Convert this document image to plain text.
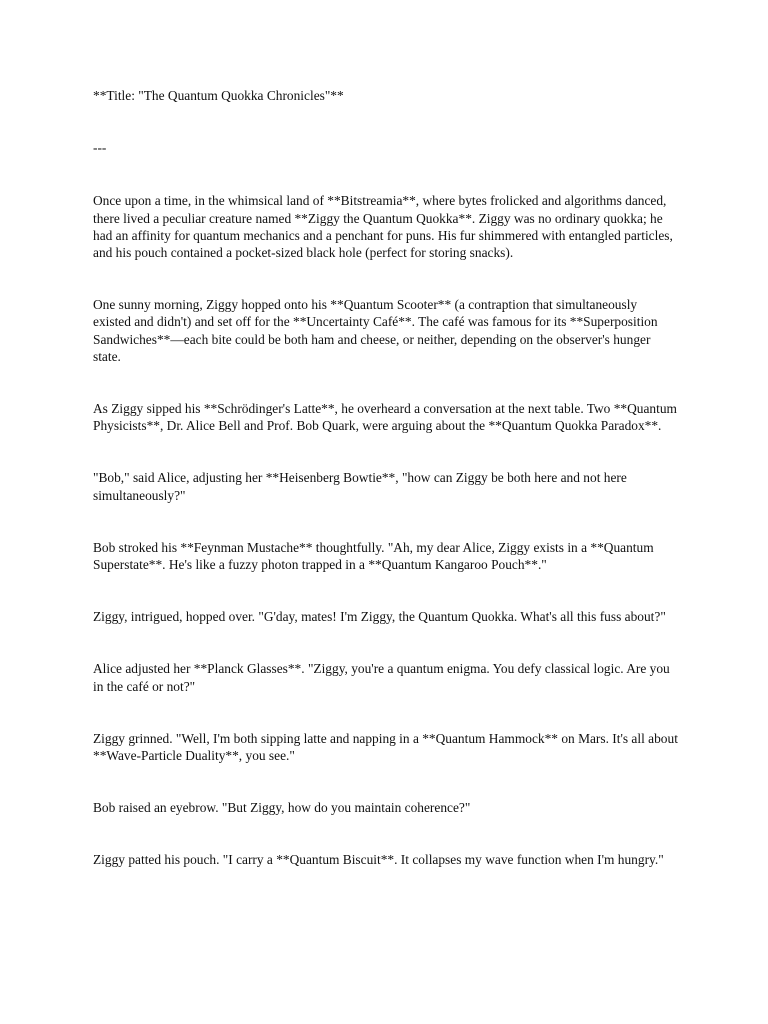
**Title: "The Quantum Quokka Chronicles"**

---

Once upon a time, in the whimsical land of **Bitstreamia**, where bytes frolicked and algorithms danced, there lived a peculiar creature named **Ziggy the Quantum Quokka**. Ziggy was no ordinary quokka; he had an affinity for quantum mechanics and a penchant for puns. His fur shimmered with entangled particles, and his pouch contained a pocket-sized black hole (perfect for storing snacks).

One sunny morning, Ziggy hopped onto his **Quantum Scooter** (a contraption that simultaneously existed and didn't) and set off for the **Uncertainty Café**. The café was famous for its **Superposition Sandwiches**—each bite could be both ham and cheese, or neither, depending on the observer's hunger state.

As Ziggy sipped his **Schrödinger's Latte**, he overheard a conversation at the next table. Two **Quantum Physicists**, Dr. Alice Bell and Prof. Bob Quark, were arguing about the **Quantum Quokka Paradox**.

"Bob," said Alice, adjusting her **Heisenberg Bowtie**, "how can Ziggy be both here and not here simultaneously?"

Bob stroked his **Feynman Mustache** thoughtfully. "Ah, my dear Alice, Ziggy exists in a **Quantum Superstate**. He's like a fuzzy photon trapped in a **Quantum Kangaroo Pouch**."

Ziggy, intrigued, hopped over. "G'day, mates! I'm Ziggy, the Quantum Quokka. What's all this fuss about?"

Alice adjusted her **Planck Glasses**. "Ziggy, you're a quantum enigma. You defy classical logic. Are you in the café or not?"

Ziggy grinned. "Well, I'm both sipping latte and napping in a **Quantum Hammock** on Mars. It's all about **Wave-Particle Duality**, you see."

Bob raised an eyebrow. "But Ziggy, how do you maintain coherence?"

Ziggy patted his pouch. "I carry a **Quantum Biscuit**. It collapses my wave function when I'm hungry."
